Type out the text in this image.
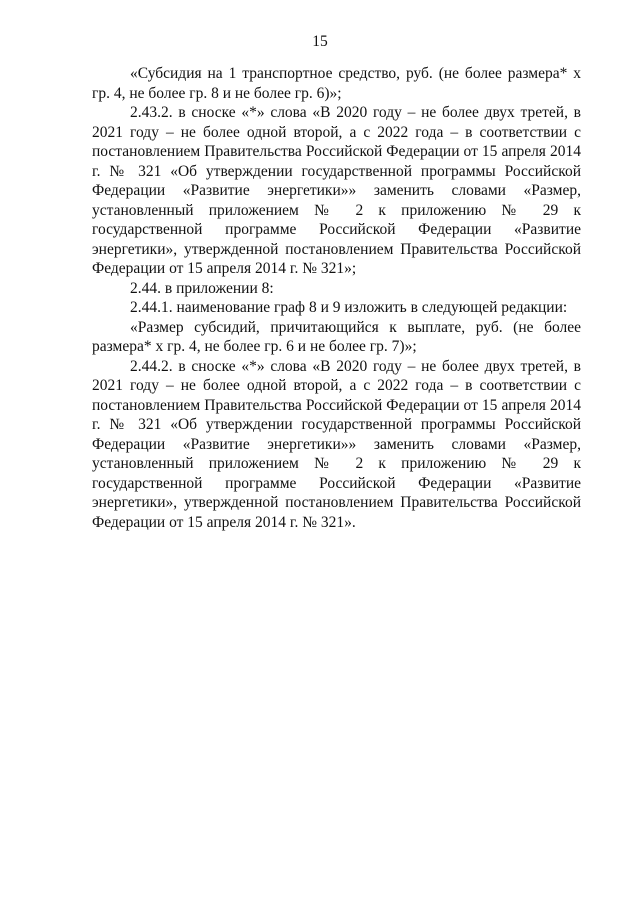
15

«Субсидия на 1 транспортное средство, руб. (не более размера* х гр. 4, не более гр. 8 и не более гр. 6)»;

2.43.2. в сноске «*» слова «В 2020 году – не более двух третей, в 2021 году – не более одной второй, а с 2022 года – в соответствии с постановлением Правительства Российской Федерации от 15 апреля 2014 г. № 321 «Об утверждении государственной программы Российской Федерации «Развитие энергетики»» заменить словами «Размер, установленный приложением № 2 к приложению № 29 к государственной программе Российской Федерации «Развитие энергетики», утвержденной постановлением Правительства Российской Федерации от 15 апреля 2014 г. № 321»;

2.44. в приложении 8:

2.44.1. наименование граф 8 и 9 изложить в следующей редакции:

«Размер субсидий, причитающийся к выплате, руб. (не более размера* х гр. 4, не более гр. 6 и не более гр. 7)»;

2.44.2. в сноске «*» слова «В 2020 году – не более двух третей, в 2021 году – не более одной второй, а с 2022 года – в соответствии с постановлением Правительства Российской Федерации от 15 апреля 2014 г. № 321 «Об утверждении государственной программы Российской Федерации «Развитие энергетики»» заменить словами «Размер, установленный приложением № 2 к приложению № 29 к государственной программе Российской Федерации «Развитие энергетики», утвержденной постановлением Правительства Российской Федерации от 15 апреля 2014 г. № 321».
